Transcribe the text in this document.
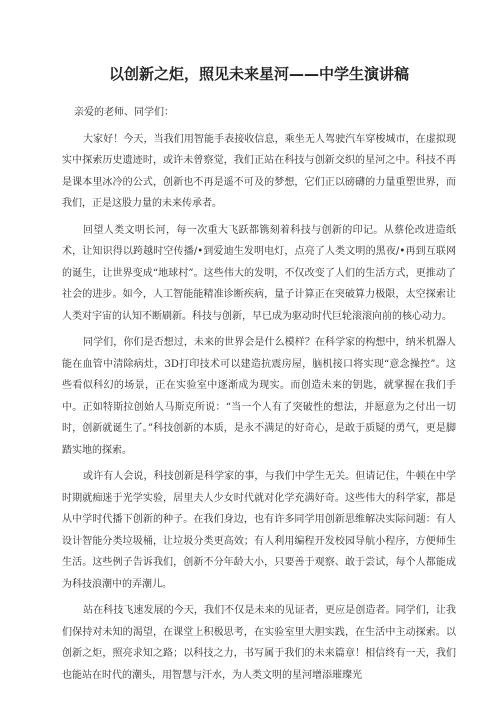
以创新之炬，照见未来星河——中学生演讲稿

亲爱的老师、同学们：

大家好！今天，当我们用智能手表接收信息，乘坐无人驾驶汽车穿梭城市，在虚拟现实中探索历史遗迹时，或许未曾察觉，我们正站在科技与创新交织的星河之中。科技不再是课本里冰冷的公式，创新也不再是遥不可及的梦想，它们正以磅礴的力量重塑世界，而我们，正是这股力量的未来传承者。

回望人类文明长河，每一次重大飞跃都镌刻着科技与创新的印记。从蔡伦改进造纸术，让知识得以跨越时空传播/•到爱迪生发明电灯，点亮了人类文明的黑夜/•再到互联网的诞生，让世界变成“地球村”。这些伟大的发明，不仅改变了人们的生活方式，更推动了社会的进步。如今，人工智能能精准诊断疾病，量子计算正在突破算力极限，太空探索让人类对宇宙的认知不断刷新。科技与创新，早已成为驱动时代巨轮滚滚向前的核心动力。

同学们，你们是否想过，未来的世界会是什么模样？在科学家的构想中，纳米机器人能在血管中清除病灶，3D打印技术可以建造抗震房屋，脑机接口将实现“意念操控”。这些看似科幻的场景，正在实验室中逐渐成为现实。而创造未来的钥匙，就掌握在我们手中。正如特斯拉创始人马斯克所说：“当一个人有了突破性的想法，并愿意为之付出一切时，创新就诞生了。”科技创新的本质，是永不满足的好奇心，是敢于质疑的勇气，更是脚踏实地的探索。

或许有人会说，科技创新是科学家的事，与我们中学生无关。但请记住，牛顿在中学时期就痴迷于光学实验，居里夫人少女时代就对化学充满好奇。这些伟大的科学家，都是从中学时代播下创新的种子。在我们身边，也有许多同学用创新思维解决实际问题：有人设计智能分类垃圾桶，让垃圾分类更高效；有人利用编程开发校园导航小程序，方便师生生活。这些例子告诉我们，创新不分年龄大小，只要善于观察、敢于尝试，每个人都能成为科技浪潮中的弄潮儿。

站在科技飞速发展的今天，我们不仅是未来的见证者，更应是创造者。同学们，让我们保持对未知的渴望，在课堂上积极思考，在实验室里大胆实践，在生活中主动探索。以创新之炬，照亮求知之路；以科技之力，书写属于我们的未来篇章！相信终有一天，我们也能站在时代的潮头，用智慧与汗水，为人类文明的星河增添璀璨光
